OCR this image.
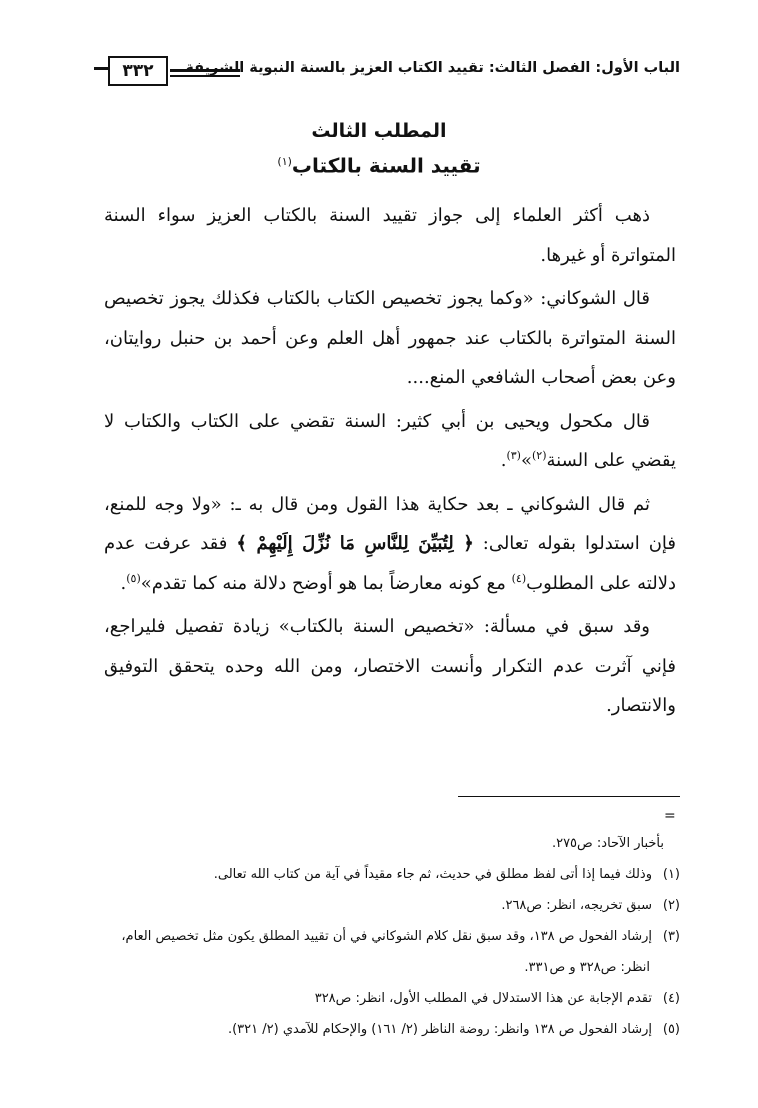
الباب الأول: الفصل الثالث: تقييد الكتاب العزيز بالسنة النبوية الشريفة
٣٣٢
المطلب الثالث
تقييد السنة بالكتاب$^{(١)}$

ذهب أكثر العلماء إلى جواز تقييد السنة بالكتاب العزيز سواء السنة المتواترة أو غيرها.

قال الشوكاني: «وكما يجوز تخصيص الكتاب بالكتاب فكذلك يجوز تخصيص السنة المتواترة بالكتاب عند جمهور أهل العلم وعن أحمد بن حنبل روايتان، وعن بعض أصحاب الشافعي المنع....

قال مكحول ويحيى بن أبي كثير: السنة تقضي على الكتاب والكتاب لا يقضي على السنة$^{(٢)}$»$^{(٣)}$.

ثم قال الشوكاني ـ بعد حكاية هذا القول ومن قال به ـ: «ولا وجه للمنع، فإن استدلوا بقوله تعالى: ﴿ لِتُبَيِّنَ لِلنَّاسِ مَا نُزِّلَ إِلَيْهِمْ ﴾ فقد عرفت عدم دلالته على المطلوب$^{(٤)}$ مع كونه معارضاً بما هو أوضح دلالة منه كما تقدم»$^{(٥)}$.

وقد سبق في مسألة: «تخصيص السنة بالكتاب» زيادة تفصيل فليراجع، فإني آثرت عدم التكرار وأنست الاختصار، ومن الله وحده يتحقق التوفيق والانتصار.

=

بأخبار الآحاد: ص٢٧٥.

(١)وذلك فيما إذا أتى لفظ مطلق في حديث، ثم جاء مقيداً في آية من كتاب الله تعالى.

(٢)سبق تخريجه، انظر: ص٢٦٨.

(٣)إرشاد الفحول ص ١٣٨، وقد سبق نقل كلام الشوكاني في أن تقييد المطلق يكون مثل تخصيص العام، انظر: ص٣٢٨ و ص٣٣١.

(٤)تقدم الإجابة عن هذا الاستدلال في المطلب الأول، انظر: ص٣٢٨

(٥)إرشاد الفحول ص ١٣٨ وانظر: روضة الناظر (٢/ ١٦١) والإحكام للآمدي (٢/ ٣٢١).
